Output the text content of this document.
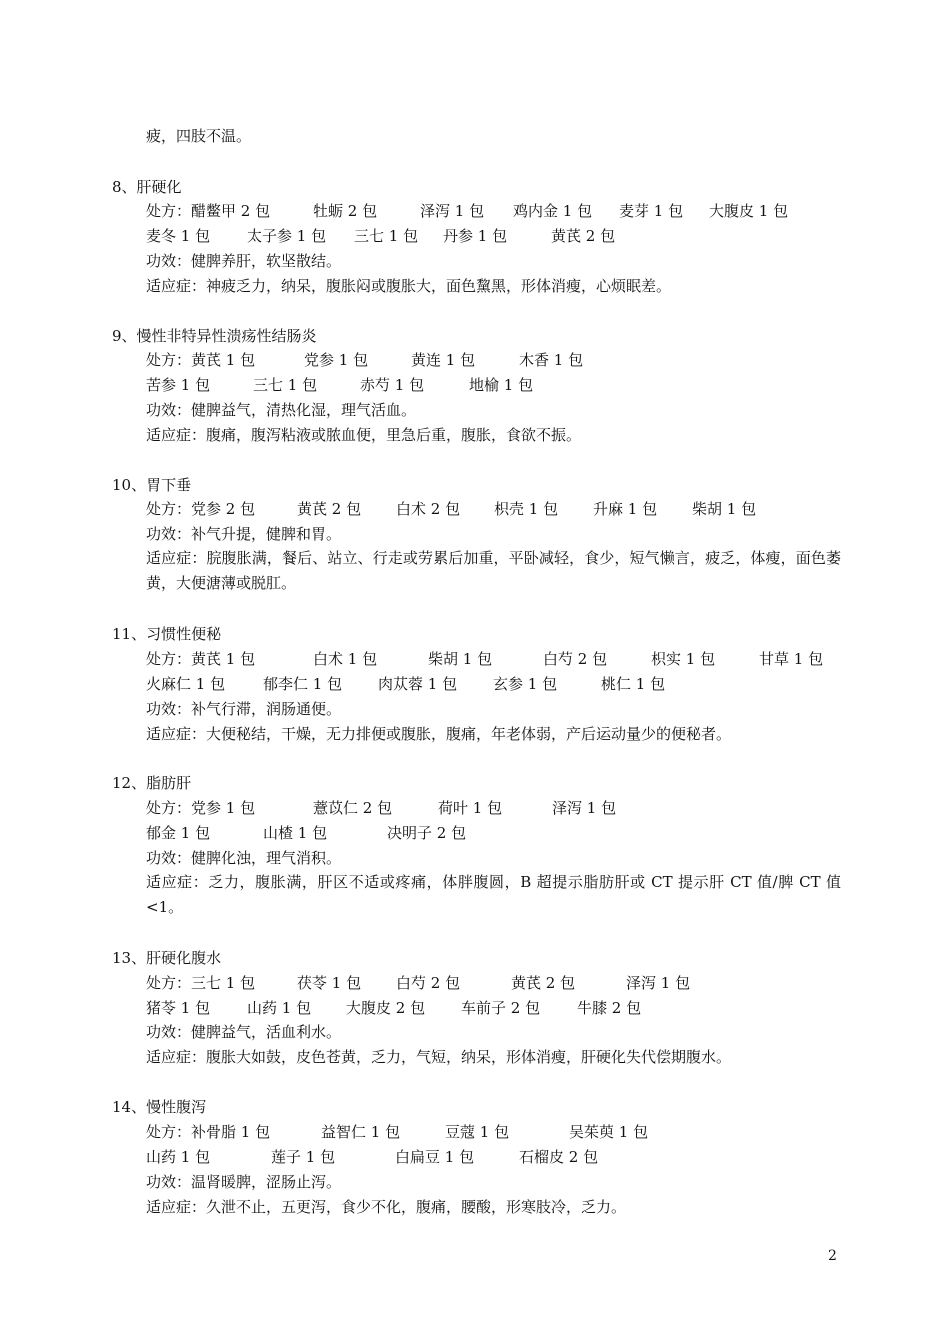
疲，四肢不温。
8、肝硬化
处方：醋鳖甲 2 包	牡蛎 2 包	泽泻 1 包 鸡内金 1 包 麦芽 1 包 大腹皮 1 包
麦冬 1 包 太子参 1 包 三七 1 包 丹参 1 包	黄芪 2 包
功效：健脾养肝，软坚散结。
适应症：神疲乏力，纳呆，腹胀闷或腹胀大，面色黧黑，形体消瘦，心烦眠差。
9、慢性非特异性溃疡性结肠炎
处方：黄芪 1 包	党参 1 包	黄连 1 包	木香 1 包
苦参 1 包	三七 1 包	赤芍 1 包	地榆 1 包
功效：健脾益气，清热化湿，理气活血。
适应症：腹痛，腹泻粘液或脓血便，里急后重，腹胀，食欲不振。
10、胃下垂
处方：党参 2 包	黄芪 2 包 白术 2 包 枳壳 1 包 升麻 1 包 柴胡 1 包
功效：补气升提，健脾和胃。
适应症：脘腹胀满，餐后、站立、行走或劳累后加重，平卧减轻，食少，短气懒言，疲乏，体瘦，面色萎黄，大便溏薄或脱肛。
11、习惯性便秘
处方：黄芪 1 包	白术 1 包	柴胡 1 包	白芍 2 包	枳实 1 包	甘草 1 包
火麻仁 1 包	郁李仁 1 包 肉苁蓉 1 包 玄参 1 包	桃仁 1 包
功效：补气行滞，润肠通便。
适应症：大便秘结，干燥，无力排便或腹胀，腹痛，年老体弱，产后运动量少的便秘者。
12、脂肪肝
处方：党参 1 包	薏苡仁 2 包	荷叶 1 包	泽泻 1 包
郁金 1 包	山楂 1 包	决明子 2 包
功效：健脾化浊，理气消积。
适应症：乏力，腹胀满，肝区不适或疼痛，体胖腹圆，B 超提示脂肪肝或 CT 提示肝 CT 值/脾 CT 值<1。
13、肝硬化腹水
处方：三七 1 包	茯苓 1 包 白芍 2 包	黄芪 2 包	泽泻 1 包
猪苓 1 包 山药 1 包 大腹皮 2 包 车前子 2 包 牛膝 2 包
功效：健脾益气，活血利水。
适应症：腹胀大如鼓，皮色苍黄，乏力，气短，纳呆，形体消瘦，肝硬化失代偿期腹水。
14、慢性腹泻
处方：补骨脂 1 包	益智仁 1 包	豆蔻 1 包	吴茱萸 1 包
山药 1 包	莲子 1 包	白扁豆 1 包	石榴皮 2 包
功效：温肾暖脾，涩肠止泻。
适应症：久泄不止，五更泻，食少不化，腹痛，腰酸，形寒肢冷，乏力。
2
